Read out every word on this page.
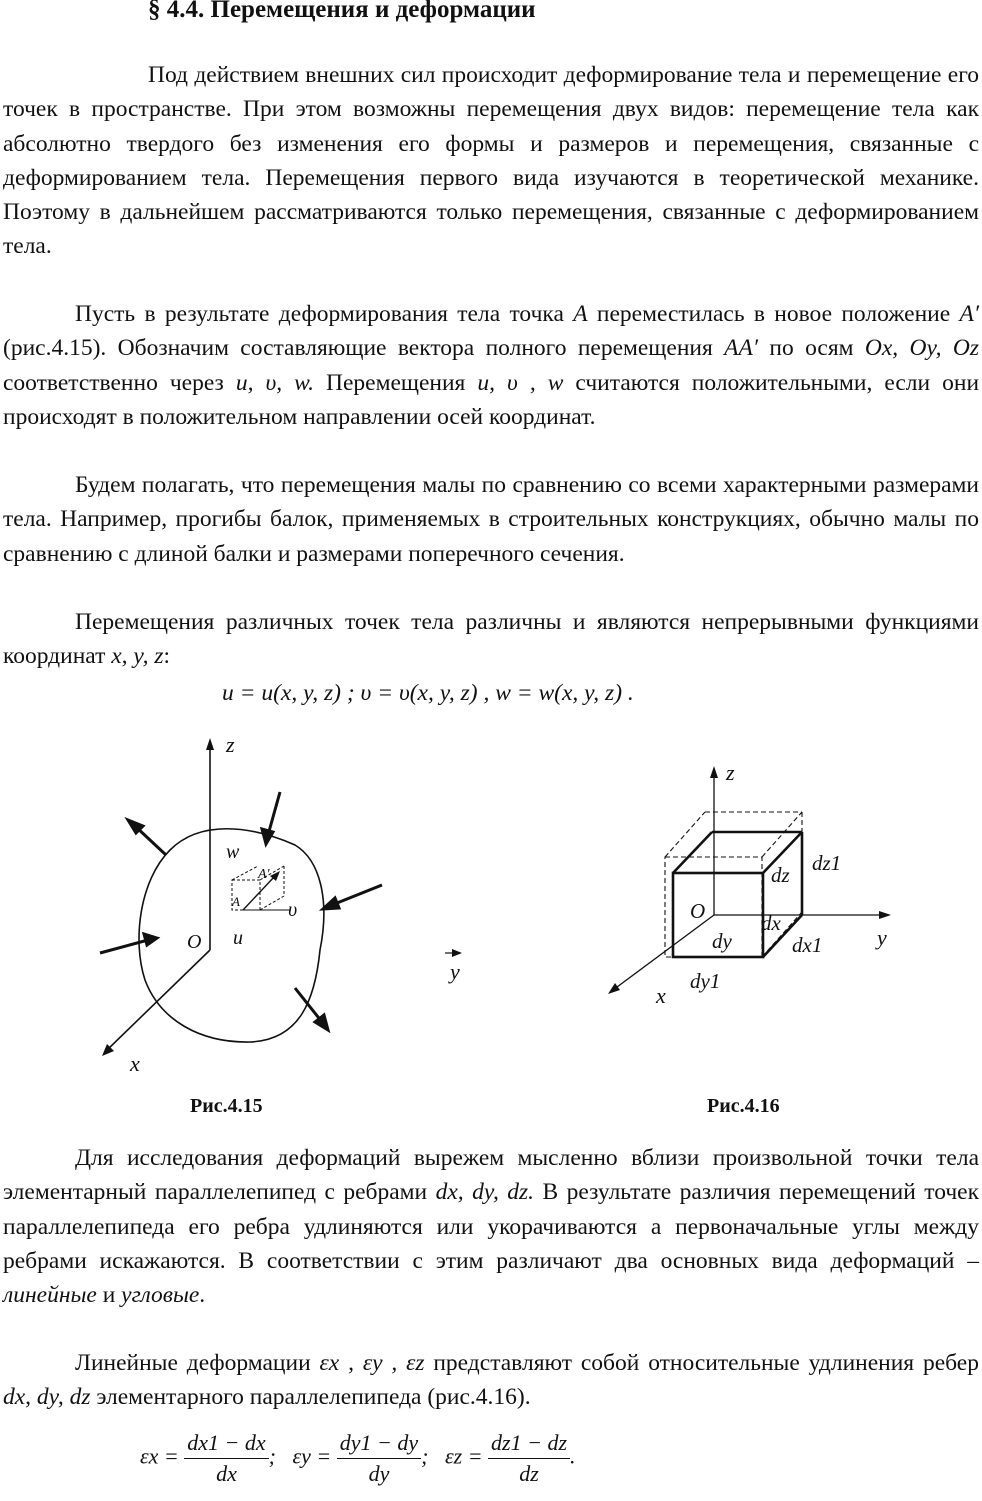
§ 4.4. Перемещения и деформации

Под действием внешних сил происходит деформирование тела и перемещение его точек в пространстве. При этом возможны перемещения двух видов: перемещение тела как абсолютно твердого без изменения его формы и размеров и перемещения, связанные с деформированием тела. Перемещения первого вида изучаются в теоретической механике. Поэтому в дальнейшем рассматриваются только перемещения, связанные с деформированием тела.

Пусть в результате деформирования тела точка A переместилась в новое положение A′ (рис.4.15). Обозначим составляющие вектора полного перемещения AA′ по осям Ox, Oy, Oz соответственно через u, υ, w. Перемещения u, υ , w считаются положительными, если они происходят в положительном направлении осей координат.

Будем полагать, что перемещения малы по сравнению со всеми характерными размерами тела. Например, прогибы балок, применяемых в строительных конструкциях, обычно малы по сравнению с длиной балки и размерами поперечного сечения.

Перемещения различных точек тела различны и являются непрерывными функциями координат x, y, z:

u = u(x, y, z) ; υ = υ(x, y, z) , w = w(x, y, z) .
z
x
O
w
u
υ
A
A′
y
Рис.4.15
z
y
x
O
dz dz1
dy
dy1
dx
dx1
Рис.4.16

Для исследования деформаций вырежем мысленно вблизи произвольной точки тела элементарный параллелепипед с ребрами dx, dy, dz. В результате различия перемещений точек параллелепипеда его ребра удлиняются или укорачиваются а первоначальные углы между ребрами искажаются. В соответствии с этим различают два основных вида деформаций – линейные и угловые.

Линейные деформации εx , εy , εz представляют собой относительные удлинения ребер dx, dy, dz элементарного параллелепипеда (рис.4.16).

$\varepsilon x = \frac{dx1 - dx}{dx}$ ;   $\varepsilon y = \frac{dy1 - dy}{dy}$ ;   $\varepsilon z = \frac{dz1 - dz}{dz}$ .
